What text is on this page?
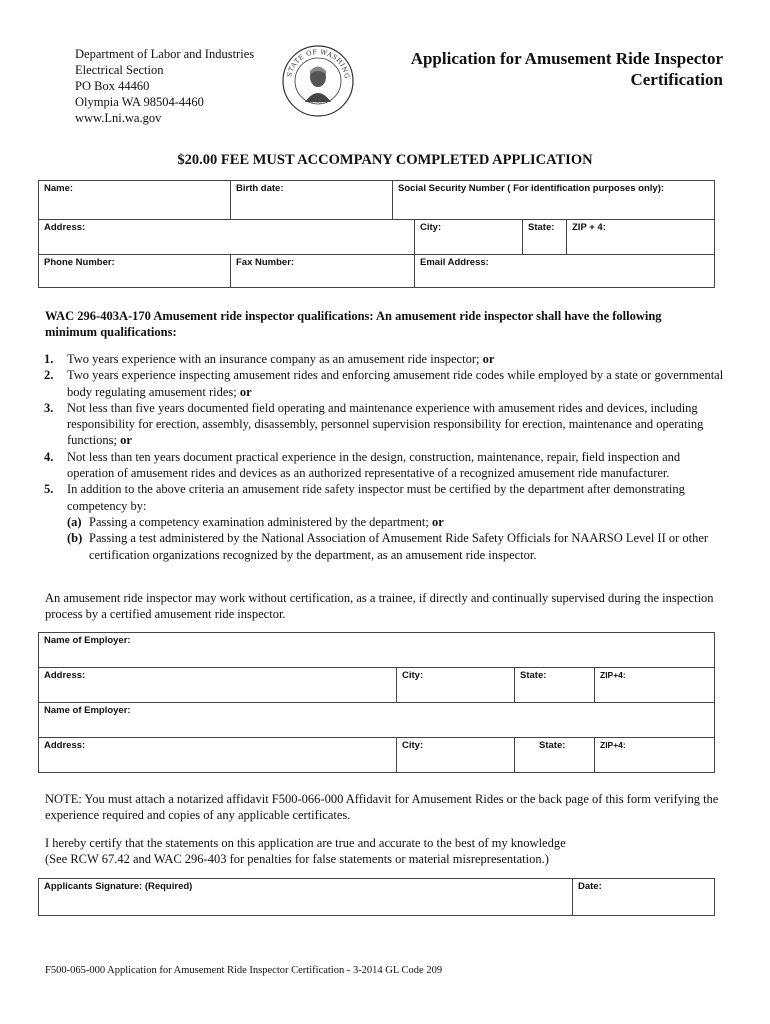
Department of Labor and Industries
Electrical Section
PO Box 44460
Olympia WA 98504-4460
www.Lni.wa.gov
STATE OF WASHING
Application for Amusement Ride Inspector
Certification
$20.00 FEE MUST ACCOMPANY COMPLETED APPLICATION
Name:	Birth date:	Social Security Number ( For identification purposes only):			
Address:			City:	State:	ZIP + 4:
Phone Number:	Fax Number:		Email Address:		
WAC 296-403A-170 Amusement ride inspector qualifications: An amusement ride inspector shall have the following minimum qualifications:
1. Two years experience with an insurance company as an amusement ride inspector; or
2. Two years experience inspecting amusement rides and enforcing amusement ride codes while employed by a state or governmental body regulating amusement rides; or
3. Not less than five years documented field operating and maintenance experience with amusement rides and devices, including responsibility for erection, assembly, disassembly, personnel supervision responsibility for erection, maintenance and operating functions; or
4. Not less than ten years document practical experience in the design, construction, maintenance, repair, field inspection and operation of amusement rides and devices as an authorized representative of a recognized amusement ride manufacturer.
5. In addition to the above criteria an amusement ride safety inspector must be certified by the department after demonstrating competency by:
(a) Passing a competency examination administered by the department; or
(b) Passing a test administered by the National Association of Amusement Ride Safety Officials for NAARSO Level II or other certification organizations recognized by the department, as an amusement ride inspector.
An amusement ride inspector may work without certification, as a trainee, if directly and continually supervised during the inspection process by a certified amusement ride inspector.
Name of Employer:			
Address:	City:	State:	ZIP+4:
Name of Employer:			
Address:	City:	State:	ZIP+4:
NOTE: You must attach a notarized affidavit F500-066-000 Affidavit for Amusement Rides or the back page of this form verifying the experience required and copies of any applicable certificates.
I hereby certify that the statements on this application are true and accurate to the best of my knowledge
(See RCW 67.42 and WAC 296-403 for penalties for false statements or material misrepresentation.)
Applicants Signature: (Required)	Date:
F500-065-000 Application for Amusement Ride Inspector Certification - 3-2014 GL Code 209
